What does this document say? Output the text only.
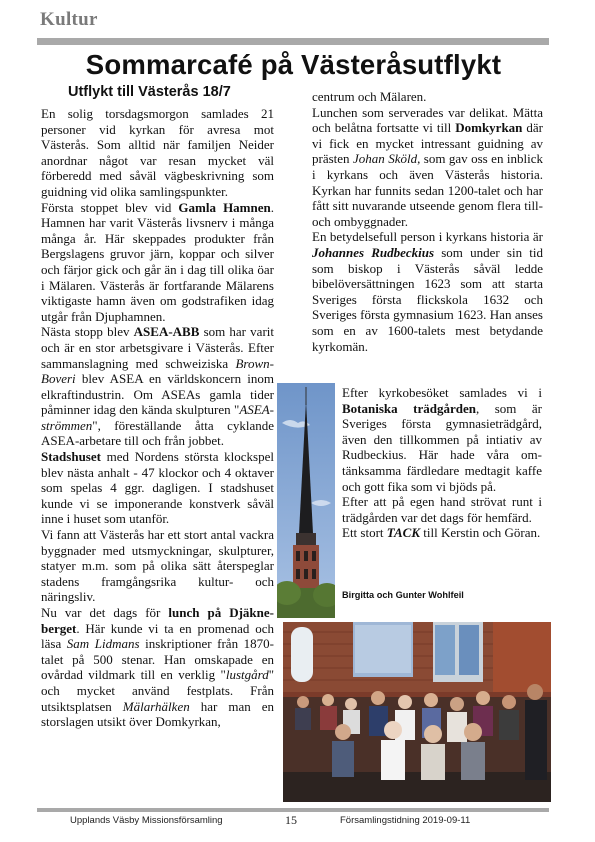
Kultur
Sommarcafé på Västeråsutflykt
Utflykt till Västerås 18/7

En solig torsdagsmorgon samlades 21 personer vid kyrkan för avresa mot Västerås. Som alltid när familjen Neider anordnar något var resan mycket väl förberedd med såväl vägbeskrivning som guidning vid olika samlingspunkter.

Första stoppet blev vid Gamla Hamnen. Hamnen har varit Västerås livsnerv i många många år. Här skeppades produkter från Bergslagens gruvor järn, koppar och silver och färjor gick och går än i dag till olika öar i Mälaren. Västerås är fortfarande Mälarens viktigaste hamn även om godstrafiken idag utgår från Djuphamnen.

Nästa stopp blev ASEA-ABB som har varit och är en stor arbetsgivare i Västerås. Efter sammanslagning med schweiziska Brown-Boveri blev ASEA en världskoncern inom elkraftindustrin. Om ASEAs gamla tider påminner idag den kända skulpturen "ASEA-strömmen", föreställande åtta cyklande ASEA-arbetare till och från jobbet.

Stadshuset med Nordens största klockspel blev nästa anhalt - 47 klockor och 4 oktaver som spelas 4 ggr. dagligen. I stadshuset kunde vi se imponerande konstverk såväl inne i huset som utanför.

Vi fann att Västerås har ett stort antal vackra byggnader med utsmyckningar, skulpturer, statyer m.m. som på olika sätt återspeglar stadens framgångsrika kultur- och näringsliv.

Nu var det dags för lunch på Djäkneberget. Här kunde vi ta en promenad och läsa Sam Lidmans inskriptioner från 1870-talet på 500 stenar. Han omskapade en ovårdad vildmark till en verklig "lustgård" och mycket använd festplats. Från utsiktsplatsen Mälarhälken har man en storslagen utsikt över Domkyrkan,

centrum och Mälaren.

Lunchen som serverades var delikat. Mätta och belåtna fortsatte vi till Domkyrkan där vi fick en mycket intressant guidning av prästen Johan Sköld, som gav oss en inblick i kyrkans och även Västerås historia. Kyrkan har funnits sedan 1200-talet och har fått sitt nuvarande utseende genom flera till- och ombyggnader.

En betydelsefull person i kyrkans historia är Johannes Rudbeckius som under sin tid som biskop i Västerås såväl ledde bibelöversättningen 1623 som att starta Sveriges första flickskola 1632 och Sveriges första gymnasium 1623. Han anses som en av 1600-talets mest betydande kyrkomän.

Efter kyrkobesöket samlades vi i Botaniska trädgården, som är Sveriges första gymnasieträdgård, även den tillkommen på intiativ av Rudbeckius. Här hade våra omtänksamma färdledare medtagit kaffe och gott fika som vi bjöds på.

Efter att på egen hand strövat runt i trädgården var det dags för hemfärd.

Ett stort TACK till Kerstin och Göran.

Birgitta och Gunter Wohlfeil
Upplands Väsby Missionsförsamling	15	Församlingstidning 2019-09-11
